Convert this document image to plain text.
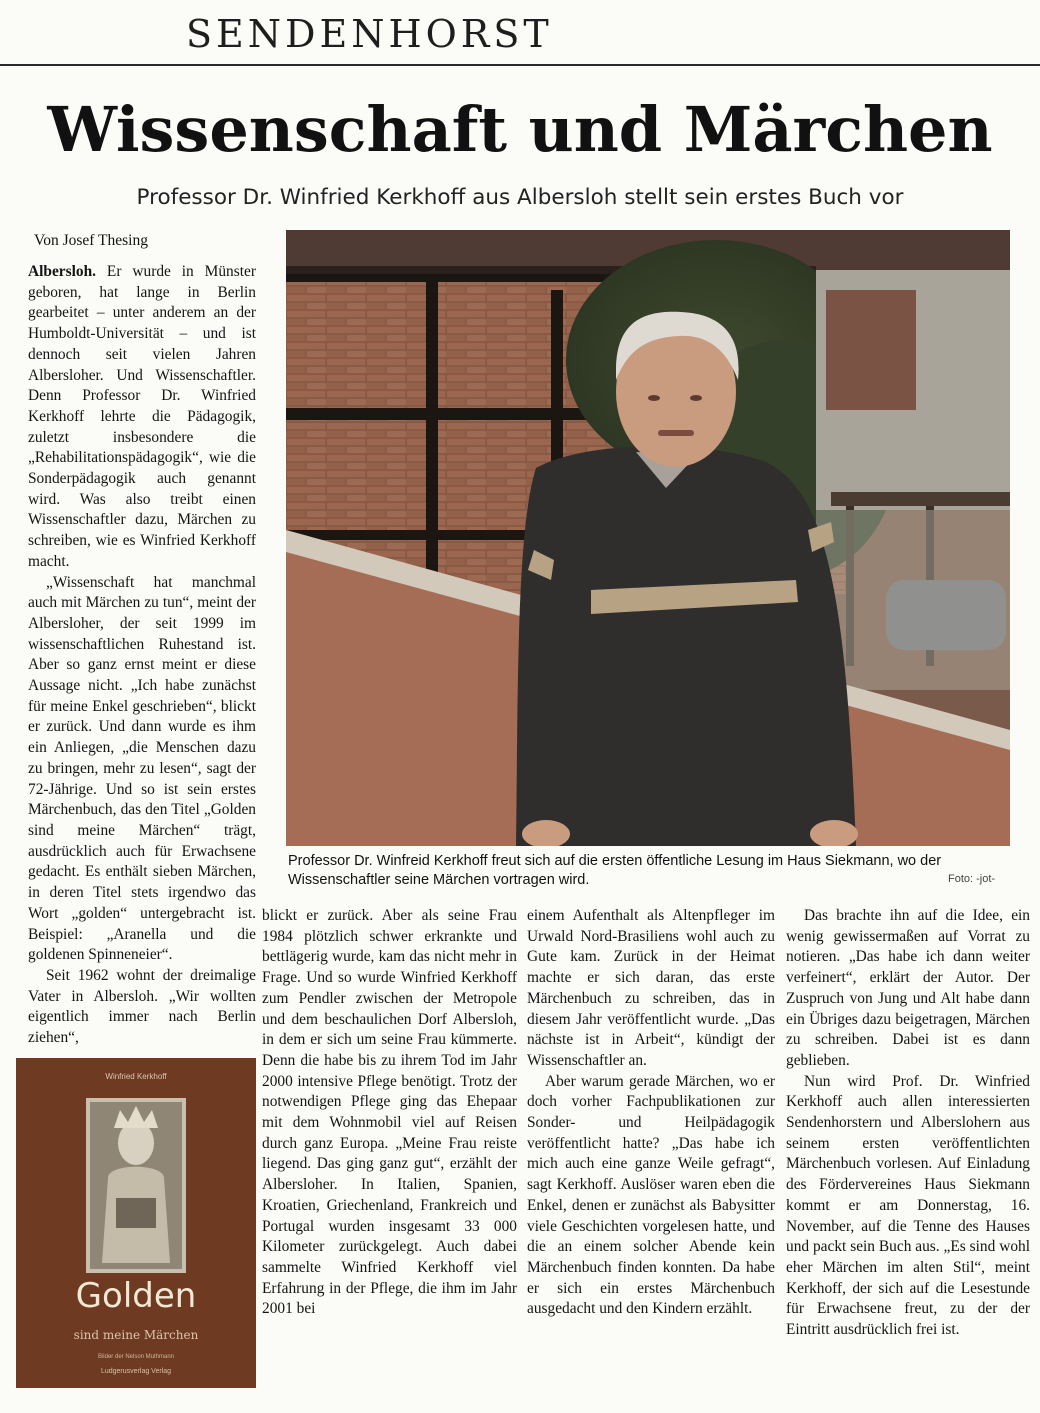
SENDENHORST
Wissenschaft und Märchen
Professor Dr. Winfried Kerkhoff aus Albersloh stellt sein erstes Buch vor
Von Josef Thesing
Professor Dr. Winfreid Kerkhoff freut sich auf die ersten öffentliche Lesung im Haus Siekmann, wo der Wissenschaftler seine Märchen vortragen wird.	Foto: -jot-

Albersloh. Er wurde in Münster geboren, hat lange in Berlin gearbeitet – unter anderem an der Humboldt-Universität – und ist dennoch seit vielen Jahren Albersloher. Und Wissenschaftler. Denn Professor Dr. Winfried Kerkhoff lehrte die Pädagogik, zuletzt insbesondere die „Rehabilitationspädagogik“, wie die Sonderpädagogik auch genannt wird. Was also treibt einen Wissenschaftler dazu, Märchen zu schreiben, wie es Winfried Kerkhoff macht.

„Wissenschaft hat manchmal auch mit Märchen zu tun“, meint der Albersloher, der seit 1999 im wissenschaftlichen Ruhestand ist. Aber so ganz ernst meint er diese Aussage nicht. „Ich habe zunächst für meine Enkel geschrieben“, blickt er zurück. Und dann wurde es ihm ein Anliegen, „die Menschen dazu zu bringen, mehr zu lesen“, sagt der 72-Jährige. Und so ist sein erstes Märchenbuch, das den Titel „Golden sind meine Märchen“ trägt, ausdrücklich auch für Erwachsene gedacht. Es enthält sieben Märchen, in deren Titel stets irgendwo das Wort „golden“ untergebracht ist. Beispiel: „Aranella und die goldenen Spinneneier“.

Seit 1962 wohnt der dreimalige Vater in Albersloh. „Wir wollten eigentlich immer nach Berlin ziehen“,

Winfried Kerkhoff
Golden
sind meine Märchen
Bilder der Nelson Muthmann
Ludgerusverlag Verlag

blickt er zurück. Aber als seine Frau 1984 plötzlich schwer erkrankte und bettlägerig wurde, kam das nicht mehr in Frage. Und so wurde Winfried Kerkhoff zum Pendler zwischen der Metropole und dem beschaulichen Dorf Albersloh, in dem er sich um seine Frau kümmerte. Denn die habe bis zu ihrem Tod im Jahr 2000 intensive Pflege benötigt. Trotz der notwendigen Pflege ging das Ehepaar mit dem Wohnmobil viel auf Reisen durch ganz Europa. „Meine Frau reiste liegend. Das ging ganz gut“, erzählt der Albersloher. In Italien, Spanien, Kroatien, Griechenland, Frankreich und Portugal wurden insgesamt 33 000 Kilometer zurückgelegt. Auch dabei sammelte Winfried Kerkhoff viel Erfahrung in der Pflege, die ihm im Jahr 2001 bei

einem Aufenthalt als Altenpfleger im Urwald Nord-Brasiliens wohl auch zu Gute kam. Zurück in der Heimat machte er sich daran, das erste Märchenbuch zu schreiben, das in diesem Jahr veröffentlicht wurde. „Das nächste ist in Arbeit“, kündigt der Wissenschaftler an.

Aber warum gerade Märchen, wo er doch vorher Fachpublikationen zur Sonder- und Heilpädagogik veröffentlicht hatte? „Das habe ich mich auch eine ganze Weile gefragt“, sagt Kerkhoff. Auslöser waren eben die Enkel, denen er zunächst als Babysitter viele Geschichten vorgelesen hatte, und die an einem solcher Abende kein Märchenbuch finden konnten. Da habe er sich ein erstes Märchenbuch ausgedacht und den Kindern erzählt.

Das brachte ihn auf die Idee, ein wenig gewissermaßen auf Vorrat zu notieren. „Das habe ich dann weiter verfeinert“, erklärt der Autor. Der Zuspruch von Jung und Alt habe dann ein Übriges dazu beigetragen, Märchen zu schreiben. Dabei ist es dann geblieben.

Nun wird Prof. Dr. Winfried Kerkhoff auch allen interessierten Sendenhorstern und Alberslohern aus seinem ersten veröffentlichten Märchenbuch vorlesen. Auf Einladung des Fördervereines Haus Siekmann kommt er am Donnerstag, 16. November, auf die Tenne des Hauses und packt sein Buch aus. „Es sind wohl eher Märchen im alten Stil“, meint Kerkhoff, der sich auf die Lesestunde für Erwachsene freut, zu der der Eintritt ausdrücklich frei ist.
